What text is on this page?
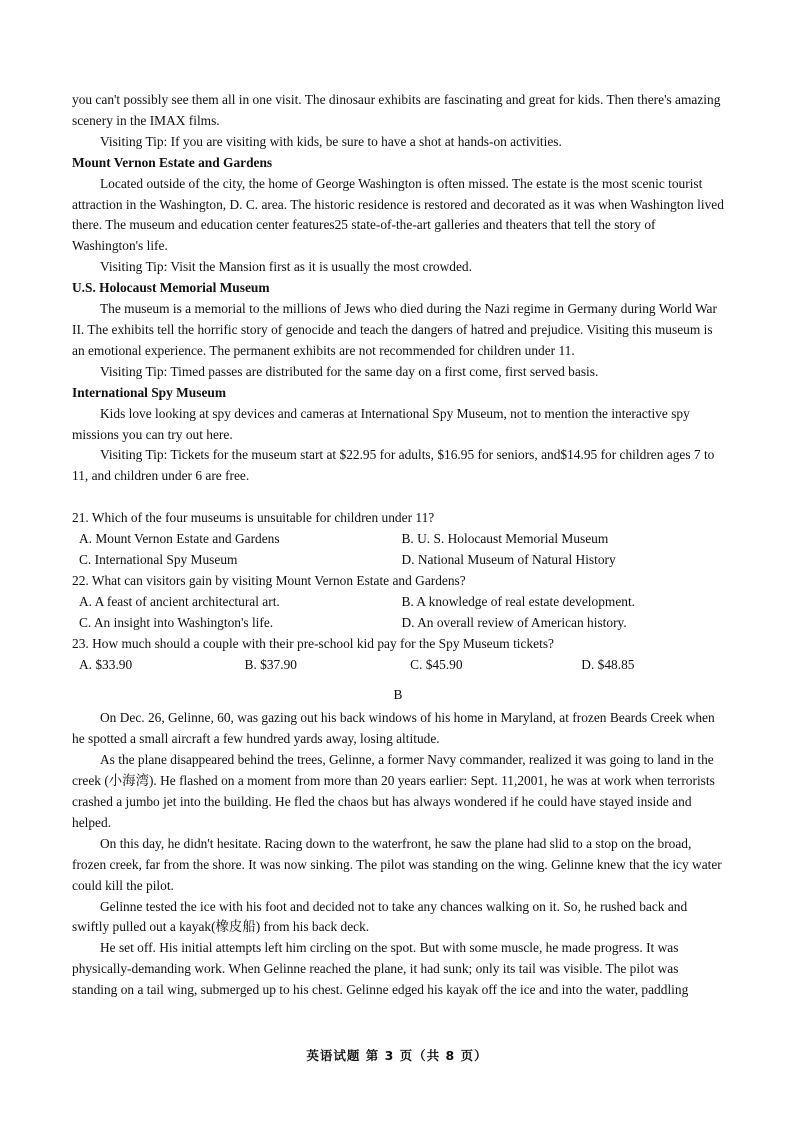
you can't possibly see them all in one visit. The dinosaur exhibits are fascinating and great for kids. Then there's amazing scenery in the IMAX films.

Visiting Tip: If you are visiting with kids, be sure to have a shot at hands-on activities.

Mount Vernon Estate and Gardens

Located outside of the city, the home of George Washington is often missed. The estate is the most scenic tourist attraction in the Washington, D. C. area. The historic residence is restored and decorated as it was when Washington lived there. The museum and education center features25 state-of-the-art galleries and theaters that tell the story of Washington's life.

Visiting Tip: Visit the Mansion first as it is usually the most crowded.

U.S. Holocaust Memorial Museum

The museum is a memorial to the millions of Jews who died during the Nazi regime in Germany during World War II. The exhibits tell the horrific story of genocide and teach the dangers of hatred and prejudice. Visiting this museum is an emotional experience. The permanent exhibits are not recommended for children under 11.

Visiting Tip: Timed passes are distributed for the same day on a first come, first served basis.

International Spy Museum

Kids love looking at spy devices and cameras at International Spy Museum, not to mention the interactive spy missions you can try out here.

Visiting Tip: Tickets for the museum start at $22.95 for adults, $16.95 for seniors, and$14.95 for children ages 7 to 11, and children under 6 are free.

21. Which of the four museums is unsuitable for children under 11?

A. Mount Vernon Estate and Gardens	B. U. S. Holocaust Memorial Museum
C. International Spy Museum	D. National Museum of Natural History

22. What can visitors gain by visiting Mount Vernon Estate and Gardens?

A. A feast of ancient architectural art.	B. A knowledge of real estate development.
C. An insight into Washington's life.	D. An overall review of American history.

23. How much should a couple with their pre-school kid pay for the Spy Museum tickets?

A. $33.90	B. $37.90	C. $45.90	D. $48.85

B

On Dec. 26, Gelinne, 60, was gazing out his back windows of his home in Maryland, at frozen Beards Creek when he spotted a small aircraft a few hundred yards away, losing altitude.

As the plane disappeared behind the trees, Gelinne, a former Navy commander, realized it was going to land in the creek (小海湾). He flashed on a moment from more than 20 years earlier: Sept. 11,2001, he was at work when terrorists crashed a jumbo jet into the building. He fled the chaos but has always wondered if he could have stayed inside and helped.

On this day, he didn't hesitate. Racing down to the waterfront, he saw the plane had slid to a stop on the broad, frozen creek, far from the shore. It was now sinking. The pilot was standing on the wing. Gelinne knew that the icy water could kill the pilot.

Gelinne tested the ice with his foot and decided not to take any chances walking on it. So, he rushed back and swiftly pulled out a kayak(橡皮船) from his back deck.

He set off. His initial attempts left him circling on the spot. But with some muscle, he made progress. It was physically-demanding work. When Gelinne reached the plane, it had sunk; only its tail was visible. The pilot was standing on a tail wing, submerged up to his chest. Gelinne edged his kayak off the ice and into the water, paddling

英语试题 第 3 页（共 8 页）
